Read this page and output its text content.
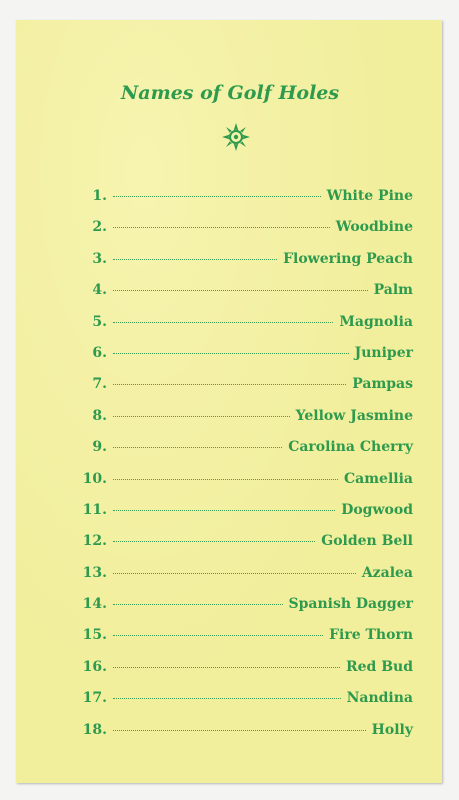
Names of Golf Holes
1.	White Pine
2.	Woodbine
3.	Flowering Peach
4.	Palm
5.	Magnolia
6.	Juniper
7.	Pampas
8.	Yellow Jasmine
9.	Carolina Cherry
10.	Camellia
11.	Dogwood
12.	Golden Bell
13.	Azalea
14.	Spanish Dagger
15.	Fire Thorn
16.	Red Bud
17.	Nandina
18.	Holly
